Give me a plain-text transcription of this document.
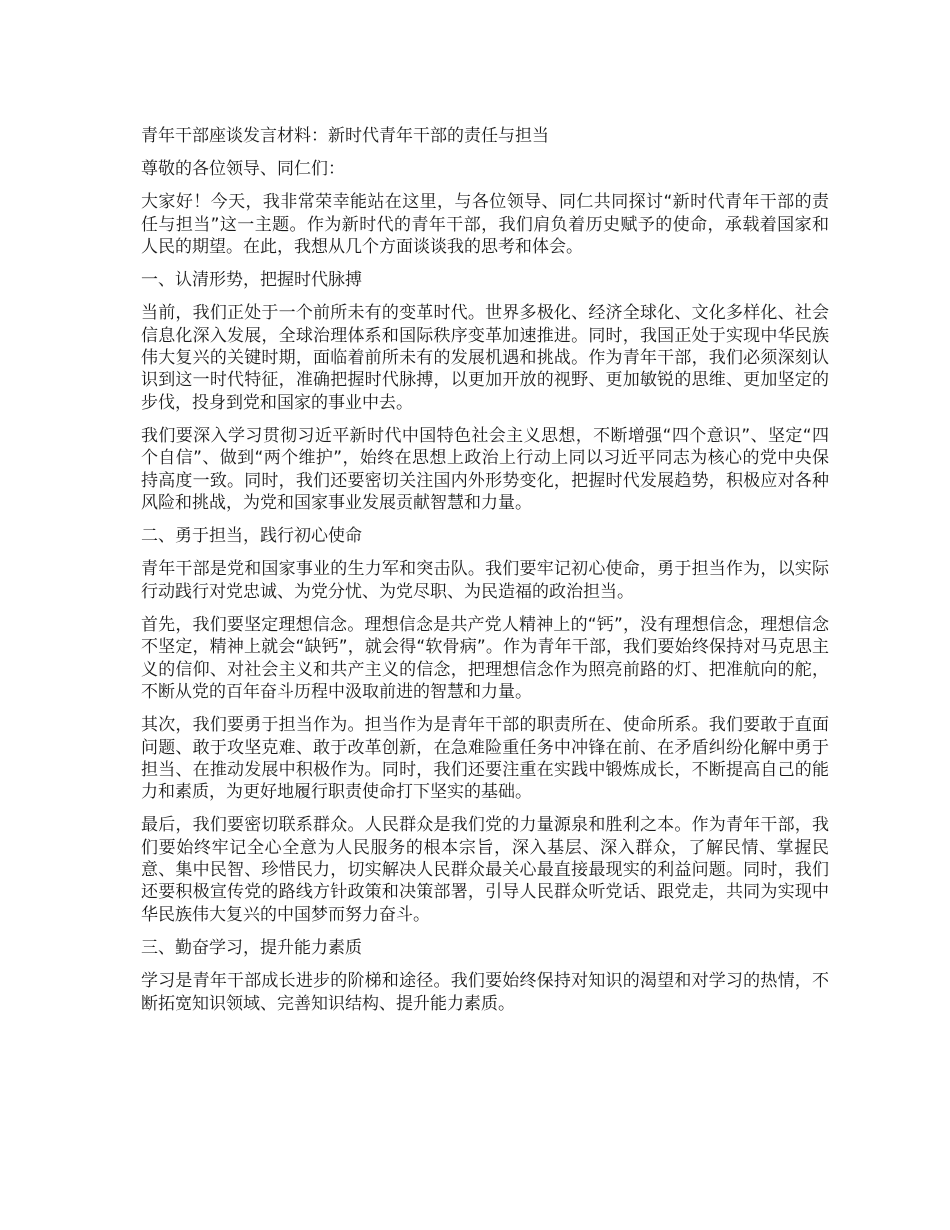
青年干部座谈发言材料：新时代青年干部的责任与担当
尊敬的各位领导、同仁们：
大家好！今天，我非常荣幸能站在这里，与各位领导、同仁共同探讨“新时代青年干部的责任与担当”这一主题。作为新时代的青年干部，我们肩负着历史赋予的使命，承载着国家和人民的期望。在此，我想从几个方面谈谈我的思考和体会。
一、认清形势，把握时代脉搏
当前，我们正处于一个前所未有的变革时代。世界多极化、经济全球化、文化多样化、社会信息化深入发展，全球治理体系和国际秩序变革加速推进。同时，我国正处于实现中华民族伟大复兴的关键时期，面临着前所未有的发展机遇和挑战。作为青年干部，我们必须深刻认识到这一时代特征，准确把握时代脉搏，以更加开放的视野、更加敏锐的思维、更加坚定的步伐，投身到党和国家的事业中去。
我们要深入学习贯彻习近平新时代中国特色社会主义思想，不断增强“四个意识”、坚定“四个自信”、做到“两个维护”，始终在思想上政治上行动上同以习近平同志为核心的党中央保持高度一致。同时，我们还要密切关注国内外形势变化，把握时代发展趋势，积极应对各种风险和挑战，为党和国家事业发展贡献智慧和力量。
二、勇于担当，践行初心使命
青年干部是党和国家事业的生力军和突击队。我们要牢记初心使命，勇于担当作为，以实际行动践行对党忠诚、为党分忧、为党尽职、为民造福的政治担当。
首先，我们要坚定理想信念。理想信念是共产党人精神上的“钙”，没有理想信念，理想信念不坚定，精神上就会“缺钙”，就会得“软骨病”。作为青年干部，我们要始终保持对马克思主义的信仰、对社会主义和共产主义的信念，把理想信念作为照亮前路的灯、把准航向的舵，不断从党的百年奋斗历程中汲取前进的智慧和力量。
其次，我们要勇于担当作为。担当作为是青年干部的职责所在、使命所系。我们要敢于直面问题、敢于攻坚克难、敢于改革创新，在急难险重任务中冲锋在前、在矛盾纠纷化解中勇于担当、在推动发展中积极作为。同时，我们还要注重在实践中锻炼成长，不断提高自己的能力和素质，为更好地履行职责使命打下坚实的基础。
最后，我们要密切联系群众。人民群众是我们党的力量源泉和胜利之本。作为青年干部，我们要始终牢记全心全意为人民服务的根本宗旨，深入基层、深入群众，了解民情、掌握民意、集中民智、珍惜民力，切实解决人民群众最关心最直接最现实的利益问题。同时，我们还要积极宣传党的路线方针政策和决策部署，引导人民群众听党话、跟党走，共同为实现中华民族伟大复兴的中国梦而努力奋斗。
三、勤奋学习，提升能力素质
学习是青年干部成长进步的阶梯和途径。我们要始终保持对知识的渴望和对学习的热情，不断拓宽知识领域、完善知识结构、提升能力素质。
